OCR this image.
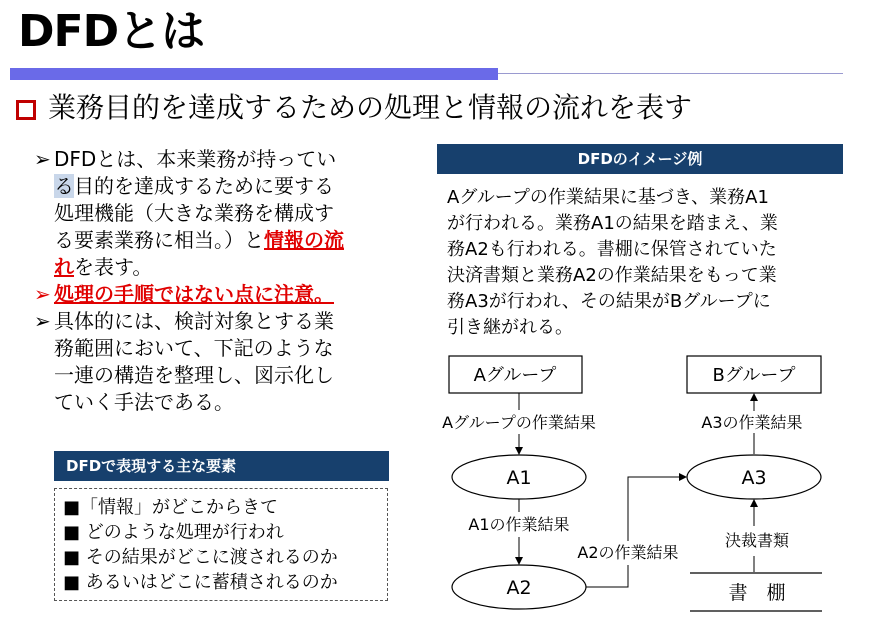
DFDとは
業務目的を達成するための処理と情報の流れを表す
➢ DFDとは、本来業務が持ってい
る目的を達成するために要する
処理機能（大きな業務を構成す
る要素業務に相当。）と情報の流
れを表す。
➢ 処理の手順ではない点に注意。
➢ 具体的には、検討対象とする業
務範囲において、下記のような
一連の構造を整理し、図示化し
ていく手法である。
DFDで表現する主な要素
■「情報」がどこからきて
■ どのような処理が行われ
■ その結果がどこに渡されるのか
■ あるいはどこに蓄積されるのか
DFDのイメージ例
Aグループの作業結果に基づき、業務A1
が行われる。業務A1の結果を踏まえ、業
務A2も行われる。書棚に保管されていた
決済書類と業務A2の作業結果をもって業
務A3が行われ、その結果がBグループに
引き継がれる。
Aグループ	Bグループ
A1
A2
A3
Aグループの作業結果
A1の作業結果
A2の作業結果
A3の作業結果
決裁書類
書　棚
